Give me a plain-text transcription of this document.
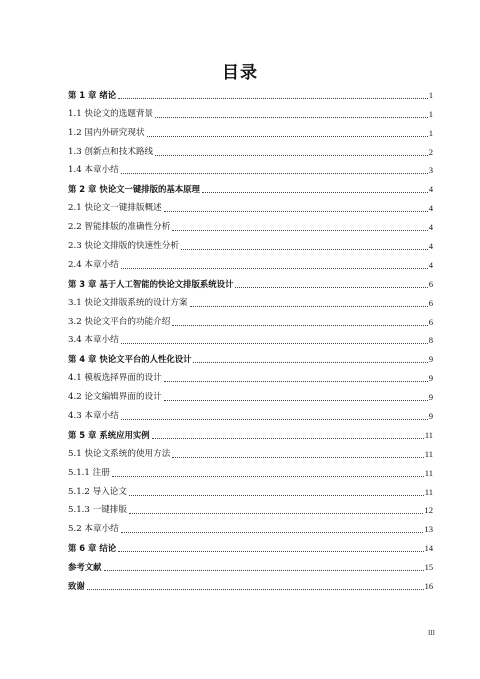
目录
第 1 章 绪论	1
1.1 快论文的选题背景	1
1.2 国内外研究现状	1
1.3 创新点和技术路线	2
1.4 本章小结	3
第 2 章 快论文一键排版的基本原理	4
2.1 快论文一键排版概述	4
2.2 智能排版的准确性分析	4
2.3 快论文排版的快速性分析	4
2.4 本章小结	4
第 3 章 基于人工智能的快论文排版系统设计	6
3.1 快论文排版系统的设计方案	6
3.2 快论文平台的功能介绍	6
3.4 本章小结	8
第 4 章 快论文平台的人性化设计	9
4.1 模板选择界面的设计	9
4.2 论文编辑界面的设计	9
4.3 本章小结	9
第 5 章 系统应用实例	11
5.1 快论文系统的使用方法	11
5.1.1 注册	11
5.1.2 导入论文	11
5.1.3 一键排版	12
5.2 本章小结	13
第 6 章 结论	14
参考文献	15
致谢	16
III
